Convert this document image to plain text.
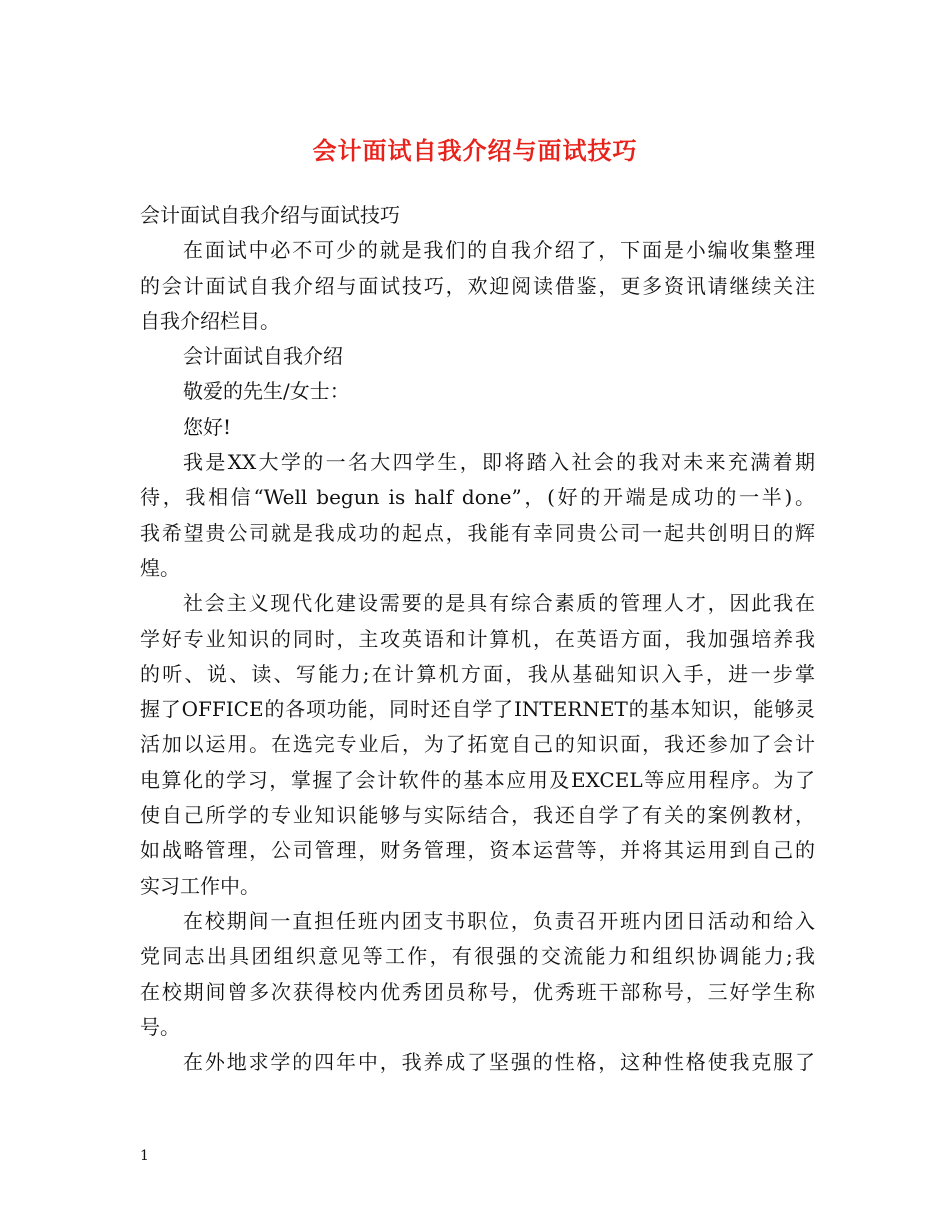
会计面试自我介绍与面试技巧
会计面试自我介绍与面试技巧
在面试中必不可少的就是我们的自我介绍了，下面是小编收集整理
的会计面试自我介绍与面试技巧，欢迎阅读借鉴，更多资讯请继续关注
自我介绍栏目。
会计面试自我介绍
敬爱的先生/女士：
您好!
我是XX大学的一名大四学生，即将踏入社会的我对未来充满着期
待，我相信“Well begun is half done”，(好的开端是成功的一半)。
我希望贵公司就是我成功的起点，我能有幸同贵公司一起共创明日的辉
煌。
社会主义现代化建设需要的是具有综合素质的管理人才，因此我在
学好专业知识的同时，主攻英语和计算机，在英语方面，我加强培养我
的听、说、读、写能力;在计算机方面，我从基础知识入手，进一步掌
握了OFFICE的各项功能，同时还自学了INTERNET的基本知识，能够灵
活加以运用。在选完专业后，为了拓宽自己的知识面，我还参加了会计
电算化的学习，掌握了会计软件的基本应用及EXCEL等应用程序。为了
使自己所学的专业知识能够与实际结合，我还自学了有关的案例教材，
如战略管理，公司管理，财务管理，资本运营等，并将其运用到自己的
实习工作中。
在校期间一直担任班内团支书职位，负责召开班内团日活动和给入
党同志出具团组织意见等工作，有很强的交流能力和组织协调能力;我
在校期间曾多次获得校内优秀团员称号，优秀班干部称号，三好学生称
号。
在外地求学的四年中，我养成了坚强的性格，这种性格使我克服了
1
